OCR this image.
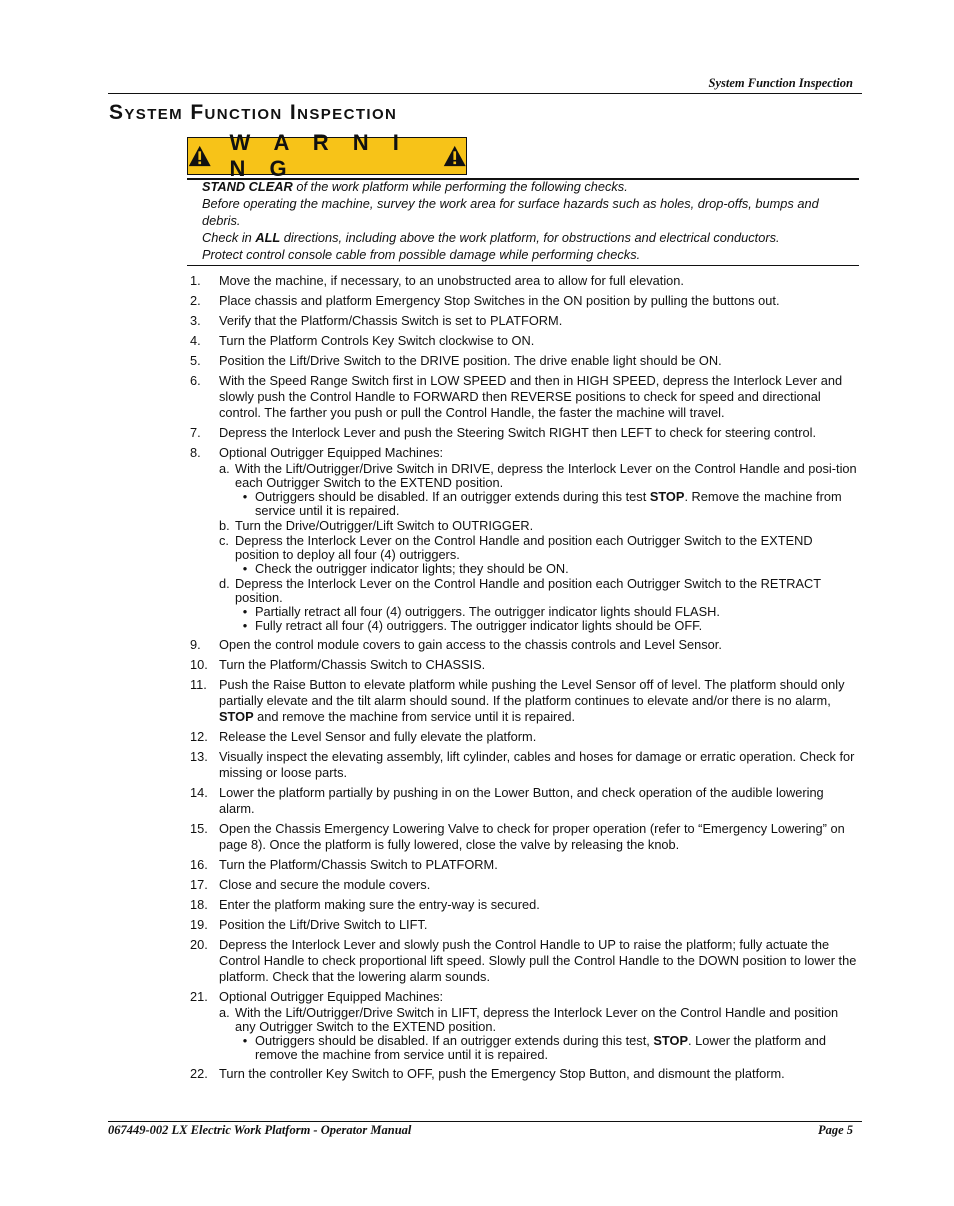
System Function Inspection
System Function Inspection
W A R N I N G

STAND CLEAR of the work platform while performing the following checks.

Before operating the machine, survey the work area for surface hazards such as holes, drop-offs, bumps and debris.

Check in ALL directions, including above the work platform, for obstructions and electrical conductors.

Protect control console cable from possible damage while performing checks.

1.	Move the machine, if necessary, to an unobstructed area to allow for full elevation.
2.	Place chassis and platform Emergency Stop Switches in the ON position by pulling the buttons out.
3.	Verify that the Platform/Chassis Switch is set to PLATFORM.
4.	Turn the Platform Controls Key Switch clockwise to ON.
5.	Position the Lift/Drive Switch to the DRIVE position. The drive enable light should be ON.
6.	With the Speed Range Switch first in LOW SPEED and then in HIGH SPEED, depress the Interlock Lever and slowly push the Control Handle to FORWARD then REVERSE positions to check for speed and directional control. The farther you push or pull the Control Handle, the faster the machine will travel.
7.	Depress the Interlock Lever and push the Steering Switch RIGHT then LEFT to check for steering control.
8.	Optional Outrigger Equipped Machines:
a. With the Lift/Outrigger/Drive Switch in DRIVE, depress the Interlock Lever on the Control Handle and posi-tion each Outrigger Switch to the EXTEND position.
• Outriggers should be disabled. If an outrigger extends during this test STOP. Remove the machine from service until it is repaired.
b. Turn the Drive/Outrigger/Lift Switch to OUTRIGGER.
c. Depress the Interlock Lever on the Control Handle and position each Outrigger Switch to the EXTEND position to deploy all four (4) outriggers.
• Check the outrigger indicator lights; they should be ON.
d. Depress the Interlock Lever on the Control Handle and position each Outrigger Switch to the RETRACT position.
• Partially retract all four (4) outriggers. The outrigger indicator lights should FLASH.
• Fully retract all four (4) outriggers. The outrigger indicator lights should be OFF.
9.	Open the control module covers to gain access to the chassis controls and Level Sensor.
10. Turn the Platform/Chassis Switch to CHASSIS.
11. Push the Raise Button to elevate platform while pushing the Level Sensor off of level. The platform should only partially elevate and the tilt alarm should sound. If the platform continues to elevate and/or there is no alarm, STOP and remove the machine from service until it is repaired.
12. Release the Level Sensor and fully elevate the platform.
13. Visually inspect the elevating assembly, lift cylinder, cables and hoses for damage or erratic operation. Check for missing or loose parts.
14. Lower the platform partially by pushing in on the Lower Button, and check operation of the audible lowering alarm.
15. Open the Chassis Emergency Lowering Valve to check for proper operation (refer to “Emergency Lowering” on page 8). Once the platform is fully lowered, close the valve by releasing the knob.
16. Turn the Platform/Chassis Switch to PLATFORM.
17. Close and secure the module covers.
18. Enter the platform making sure the entry-way is secured.
19. Position the Lift/Drive Switch to LIFT.
20. Depress the Interlock Lever and slowly push the Control Handle to UP to raise the platform; fully actuate the Control Handle to check proportional lift speed. Slowly pull the Control Handle to the DOWN position to lower the platform. Check that the lowering alarm sounds.
21. Optional Outrigger Equipped Machines:
a. With the Lift/Outrigger/Drive Switch in LIFT, depress the Interlock Lever on the Control Handle and position any Outrigger Switch to the EXTEND position.
• Outriggers should be disabled. If an outrigger extends during this test, STOP. Lower the platform and remove the machine from service until it is repaired.
22. Turn the controller Key Switch to OFF, push the Emergency Stop Button, and dismount the platform.
067449-002 LX Electric Work Platform - Operator Manual	Page 5
